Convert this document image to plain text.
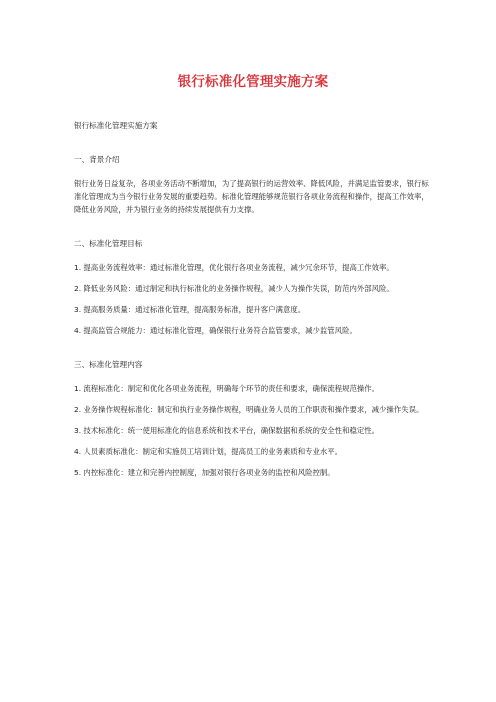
银行标准化管理实施方案

银行标准化管理实施方案

一、背景介绍

银行业务日益复杂，各项业务活动不断增加，为了提高银行的运营效率、降低风险，并满足监管要求，银行标准化管理成为当今银行业务发展的重要趋势。标准化管理能够规范银行各项业务流程和操作，提高工作效率，降低业务风险，并为银行业务的持续发展提供有力支撑。

二、标准化管理目标

1. 提高业务流程效率：通过标准化管理，优化银行各项业务流程，减少冗余环节，提高工作效率。

2. 降低业务风险：通过制定和执行标准化的业务操作规程，减少人为操作失误，防范内外部风险。

3. 提高服务质量：通过标准化管理，提高服务标准，提升客户满意度。

4. 提高监管合规能力：通过标准化管理，确保银行业务符合监管要求，减少监管风险。

三、标准化管理内容

1. 流程标准化：制定和优化各项业务流程，明确每个环节的责任和要求，确保流程规范操作。

2. 业务操作规程标准化：制定和执行业务操作规程，明确业务人员的工作职责和操作要求，减少操作失误。

3. 技术标准化：统一使用标准化的信息系统和技术平台，确保数据和系统的安全性和稳定性。

4. 人员素质标准化：制定和实施员工培训计划，提高员工的业务素质和专业水平。

5. 内控标准化：建立和完善内控制度，加强对银行各项业务的监控和风险控制。
